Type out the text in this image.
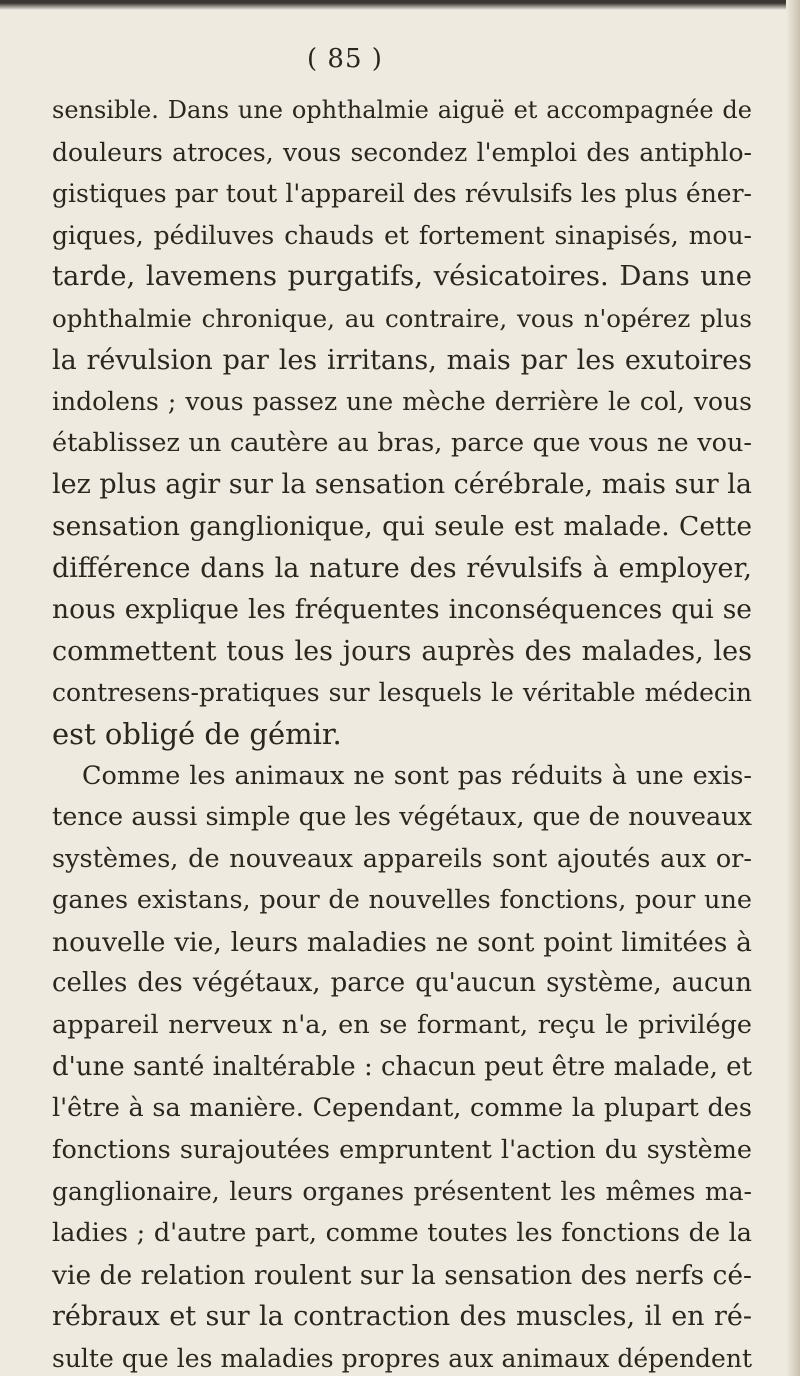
( 85 )
sensible. Dans une ophthalmie aiguë et accompagnée de
douleurs atroces, vous secondez l'emploi des antiphlo-
gistiques par tout l'appareil des révulsifs les plus éner-
giques, pédiluves chauds et fortement sinapisés, mou-
tarde, lavemens purgatifs, vésicatoires. Dans une
ophthalmie chronique, au contraire, vous n'opérez plus
la révulsion par les irritans, mais par les exutoires
indolens ; vous passez une mèche derrière le col, vous
établissez un cautère au bras, parce que vous ne vou-
lez plus agir sur la sensation cérébrale, mais sur la
sensation ganglionique, qui seule est malade. Cette
différence dans la nature des révulsifs à employer,
nous explique les fréquentes inconséquences qui se
commettent tous les jours auprès des malades, les
contresens-pratiques sur lesquels le véritable médecin
est obligé de gémir.
Comme les animaux ne sont pas réduits à une exis-
tence aussi simple que les végétaux, que de nouveaux
systèmes, de nouveaux appareils sont ajoutés aux or-
ganes existans, pour de nouvelles fonctions, pour une
nouvelle vie, leurs maladies ne sont point limitées à
celles des végétaux, parce qu'aucun système, aucun
appareil nerveux n'a, en se formant, reçu le privilége
d'une santé inaltérable : chacun peut être malade, et
l'être à sa manière. Cependant, comme la plupart des
fonctions surajoutées empruntent l'action du système
ganglionaire, leurs organes présentent les mêmes ma-
ladies ; d'autre part, comme toutes les fonctions de la
vie de relation roulent sur la sensation des nerfs cé-
rébraux et sur la contraction des muscles, il en ré-
sulte que les maladies propres aux animaux dépendent
